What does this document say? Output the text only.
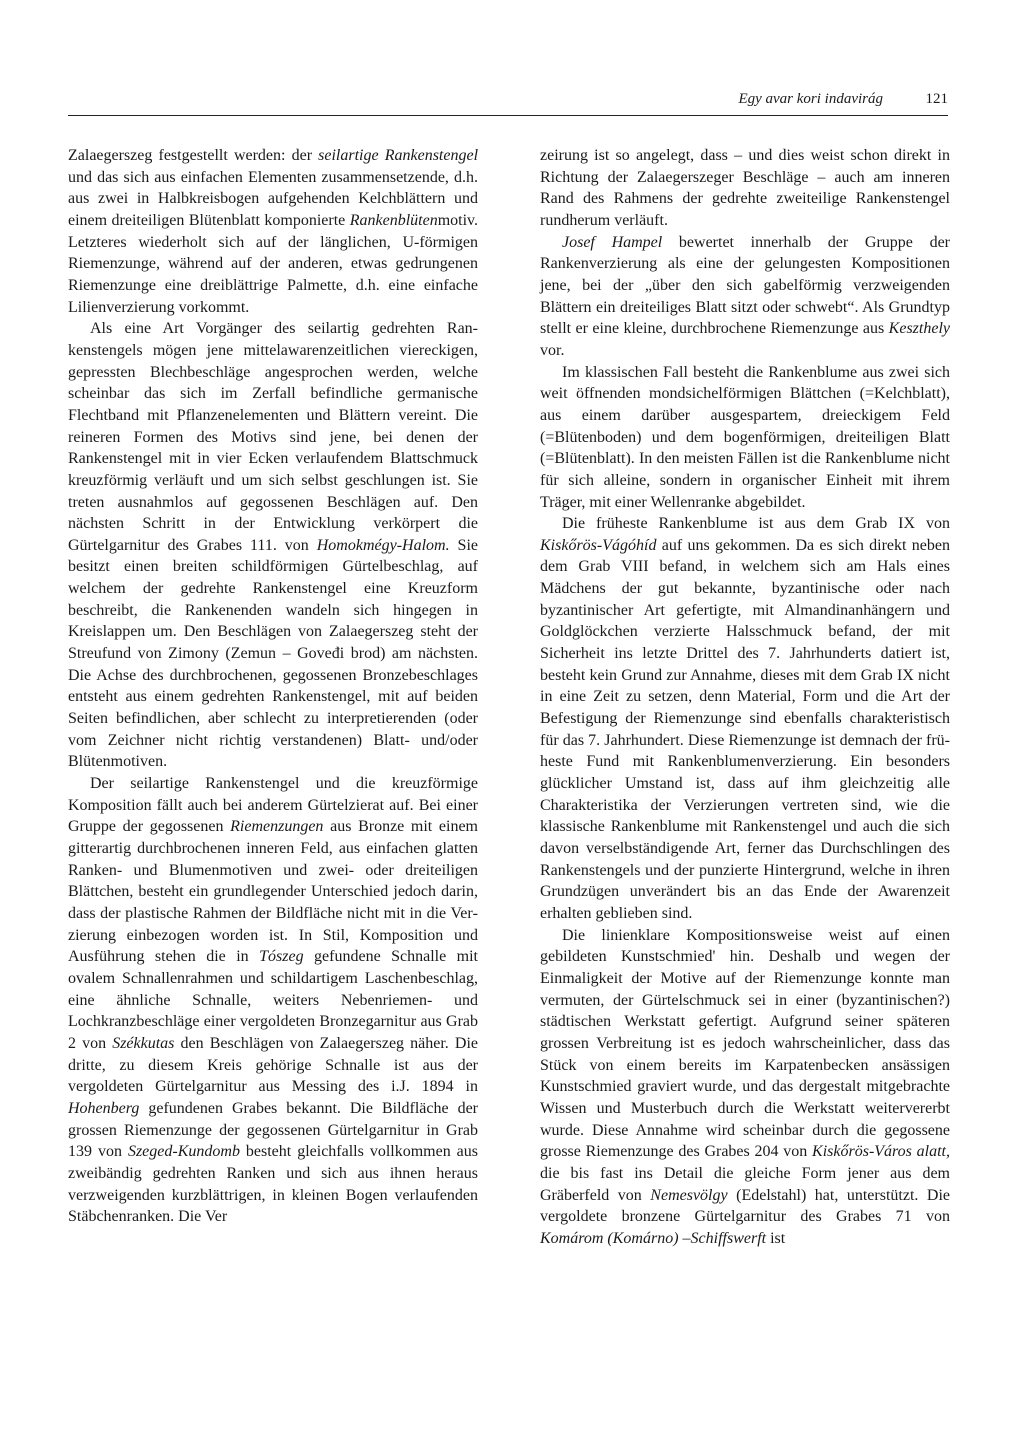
Egy avar kori indavirág	121

Zalaegerszeg festgestellt werden: der seilartige Rankenstengel und das sich aus einfachen Elementen zusammensetzende, d.h. aus zwei in Halbkreisbogen aufgehenden Kelchblättern und einem dreiteiligen Blütenblatt komponierte Rankenblütenmotiv. Letzteres wiederholt sich auf der länglichen, U-förmigen Riemenzunge, während auf der anderen, etwas gedrungenen Riemenzunge eine dreiblättrige Palmette, d.h. eine einfache Lilienverzierung vorkommt.

Als eine Art Vorgänger des seilartig gedrehten Rankenstengels mögen jene mittelawarenzeitlichen viereckigen, gepressten Blechbeschläge angesprochen werden, welche scheinbar das sich im Zerfall befindliche germanische Flechtband mit Pflanzenelementen und Blättern vereint. Die reineren Formen des Motivs sind jene, bei denen der Rankenstengel mit in vier Ecken verlaufendem Blattschmuck kreuzförmig verläuft und um sich selbst geschlungen ist. Sie treten ausnahmlos auf gegossenen Beschlägen auf. Den nächsten Schritt in der Entwicklung verkörpert die Gürtelgarnitur des Grabes 111. von Homokmégy-Halom. Sie besitzt einen breiten schildförmigen Gürtelbeschlag, auf welchem der gedrehte Rankenstengel eine Kreuzform beschreibt, die Rankenenden wandeln sich hingegen in Kreislappen um. Den Beschlägen von Zalaegerszeg steht der Streufund von Zimony (Zemun – Goveđi brod) am nächsten. Die Achse des durchbrochenen, gegossenen Bronzebeschlages entsteht aus einem gedrehten Rankenstengel, mit auf beiden Seiten befindlichen, aber schlecht zu interpretierenden (oder vom Zeichner nicht richtig verstandenen) Blatt- und/oder Blütenmotiven.

Der seilartige Rankenstengel und die kreuzförmige Komposition fällt auch bei anderem Gürtelzierat auf. Bei einer Gruppe der gegossenen Riemenzungen aus Bronze mit einem gitterartig durchbrochenen inneren Feld, aus einfachen glatten Ranken- und Blumenmotiven und zwei- oder dreiteiligen Blättchen, besteht ein grundlegender Unterschied jedoch darin, dass der plastische Rahmen der Bildfläche nicht mit in die Verzierung einbezogen worden ist. In Stil, Komposition und Ausführung stehen die in Tószeg gefundene Schnalle mit ovalem Schnallenrahmen und schildartigem Laschenbeschlag, eine ähnliche Schnalle, weiters Nebenriemen- und Lochkranzbeschläge einer vergoldeten Bronzegarnitur aus Grab 2 von Székkutas den Beschlägen von Zalaegerszeg näher. Die dritte, zu diesem Kreis gehörige Schnalle ist aus der vergoldeten Gürtelgarnitur aus Messing des i.J. 1894 in Hohenberg gefundenen Grabes bekannt. Die Bildfläche der grossen Riemenzunge der gegossenen Gürtelgarnitur in Grab 139 von Szeged-Kundomb besteht gleichfalls vollkommen aus zweibändig gedrehten Ranken und sich aus ihnen heraus verzweigenden kurzblättrigen, in kleinen Bogen verlaufenden Stäbchenranken. Die Ver

zeirung ist so angelegt, dass – und dies weist schon direkt in Richtung der Zalaegerszeger Beschläge – auch am inneren Rand des Rahmens der gedrehte zweiteilige Rankenstengel rundherum verläuft.

Josef Hampel bewertet innerhalb der Gruppe der Rankenverzierung als eine der gelungesten Kompositionen jene, bei der „über den sich gabelförmig verzweigenden Blättern ein dreiteiliges Blatt sitzt oder schwebt“. Als Grundtyp stellt er eine kleine, durchbrochene Riemenzunge aus Keszthely vor.

Im klassischen Fall besteht die Rankenblume aus zwei sich weit öffnenden mondsichelförmigen Blättchen (=Kelchblatt), aus einem darüber ausgespartem, dreieckigem Feld (=Blütenboden) und dem bogenförmigen, dreiteiligen Blatt (=Blütenblatt). In den meisten Fällen ist die Rankenblume nicht für sich alleine, sondern in organischer Einheit mit ihrem Träger, mit einer Wellenranke abgebildet.

Die früheste Rankenblume ist aus dem Grab IX von Kiskőrös-Vágóhíd auf uns gekommen. Da es sich direkt neben dem Grab VIII befand, in welchem sich am Hals eines Mädchens der gut bekannte, byzantinische oder nach byzantinischer Art gefertigte, mit Almandinanhängern und Goldglöckchen verzierte Halsschmuck befand, der mit Sicherheit ins letzte Drittel des 7. Jahrhunderts datiert ist, besteht kein Grund zur Annahme, dieses mit dem Grab IX nicht in eine Zeit zu setzen, denn Material, Form und die Art der Befestigung der Riemenzunge sind ebenfalls charakteristisch für das 7. Jahrhundert. Diese Riemenzunge ist demnach der früheste Fund mit Rankenblumenverzierung. Ein besonders glücklicher Umstand ist, dass auf ihm gleichzeitig alle Charakteristika der Verzierungen vertreten sind, wie die klassische Rankenblume mit Rankenstengel und auch die sich davon verselbständigende Art, ferner das Durchschlingen des Rankenstengels und der punzierte Hintergrund, welche in ihren Grundzügen unverändert bis an das Ende der Awarenzeit erhalten geblieben sind.

Die linienklare Kompositionsweise weist auf einen gebildeten Kunstschmied' hin. Deshalb und wegen der Einmaligkeit der Motive auf der Riemenzunge konnte man vermuten, der Gürtelschmuck sei in einer (byzantinischen?) städtischen Werkstatt gefertigt. Aufgrund seiner späteren grossen Verbreitung ist es jedoch wahrscheinlicher, dass das Stück von einem bereits im Karpatenbecken ansässigen Kunstschmied graviert wurde, und das dergestalt mitgebrachte Wissen und Musterbuch durch die Werkstatt weitervererbt wurde. Diese Annahme wird scheinbar durch die gegossene grosse Riemenzunge des Grabes 204 von Kiskőrös-Város alatt, die bis fast ins Detail die gleiche Form jener aus dem Gräberfeld von Nemesvölgy (Edelstahl) hat, unterstützt. Die vergoldete bronzene Gürtelgarnitur des Grabes 71 von Komárom (Komárno) –Schiffswerft ist
